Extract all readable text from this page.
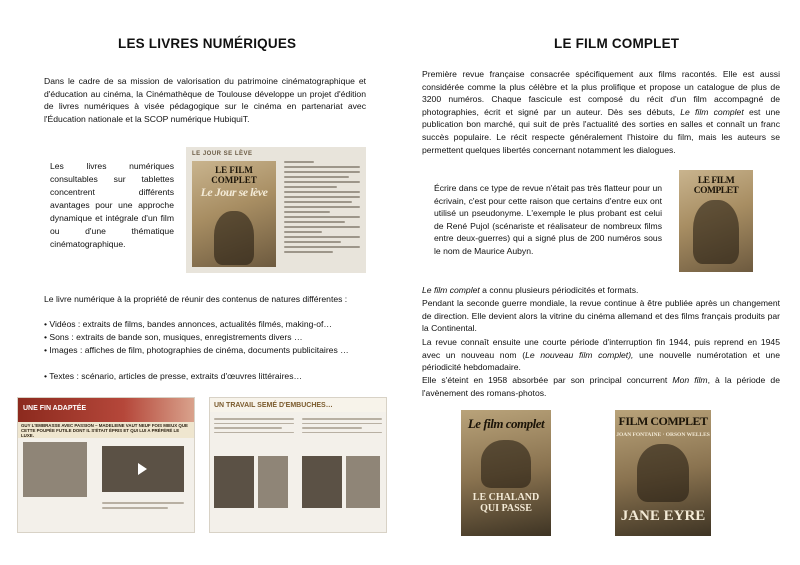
LES LIVRES NUMÉRIQUES

Dans le cadre de sa mission de valorisation du patrimoine cinématographique et d'éducation au cinéma, la Cinémathèque de Toulouse développe un projet d'édition de livres numériques à visée pédagogique sur le cinéma en partenariat avec l'Éducation nationale et la SCOP numérique HubiquiT.

Les livres numériques consultables sur tablettes concentrent différents avantages pour une approche dynamique et intégrale d'un film ou d'une thématique cinématographique.

LE JOUR SE LÈVE
LE FILM COMPLET
Le Jour se lève

Le livre numérique à la propriété de réunir des contenus de natures différentes :

• Vidéos : extraits de films, bandes annonces, actualités filmés, making-of…

• Sons : extraits de bande son, musiques, enregistrements divers …

• Images : affiches de film, photographies de cinéma, documents publicitaires …

• Textes : scénario, articles de presse, extraits d'œuvres littéraires…

UNE FIN ADAPTÉE
GUY L'EMBRASSE AVEC PASSION – MADELEINE VAUT NEUF FOIS MIEUX QUE CETTE POUPÉE FUTILE DONT IL S'ÉTAIT ÉPRIS ET QUI LUI A PRÉFÉRÉ LE LUXE.
UN TRAVAIL SEMÉ D'EMBUCHES…
LE FILM COMPLET

Première revue française consacrée spécifiquement aux films racontés. Elle est aussi considérée comme la plus célèbre et la plus prolifique et propose un catalogue de plus de 3200 numéros. Chaque fascicule est composé du récit d'un film accompagné de photographies, écrit et signé par un auteur. Dès ses débuts, Le film complet est une publication bon marché, qui suit de près l'actualité des sorties en salles et connaît un franc succès populaire. Le récit respecte généralement l'histoire du film, mais les auteurs se permettent quelques libertés concernant notamment les dialogues.

Écrire dans ce type de revue n'était pas très flatteur pour un écrivain, c'est pour cette raison que certains d'entre eux ont utilisé un pseudonyme. L'exemple le plus probant est celui de René Pujol (scénariste et réalisateur de nombreux films entre deux-guerres) qui a signé plus de 200 numéros sous le nom de Maurice Aubyn.

LE FILM COMPLET

Le film complet a connu plusieurs périodicités et formats.

Pendant la seconde guerre mondiale, la revue continue à être publiée après un changement de direction. Elle devient alors la vitrine du cinéma allemand et des films français produits par la Continental.

La revue connaît ensuite une courte période d'interruption fin 1944, puis reprend en 1945 avec un nouveau nom (Le nouveau film complet), une nouvelle numérotation et une périodicité hebdomadaire.

Elle s'éteint en 1958 absorbée par son principal concurrent Mon film, à la période de l'avènement des romans-photos.

Le film complet
LE CHALAND QUI PASSE
FILM COMPLET
JOAN FONTAINE · ORSON WELLES
JANE EYRE
